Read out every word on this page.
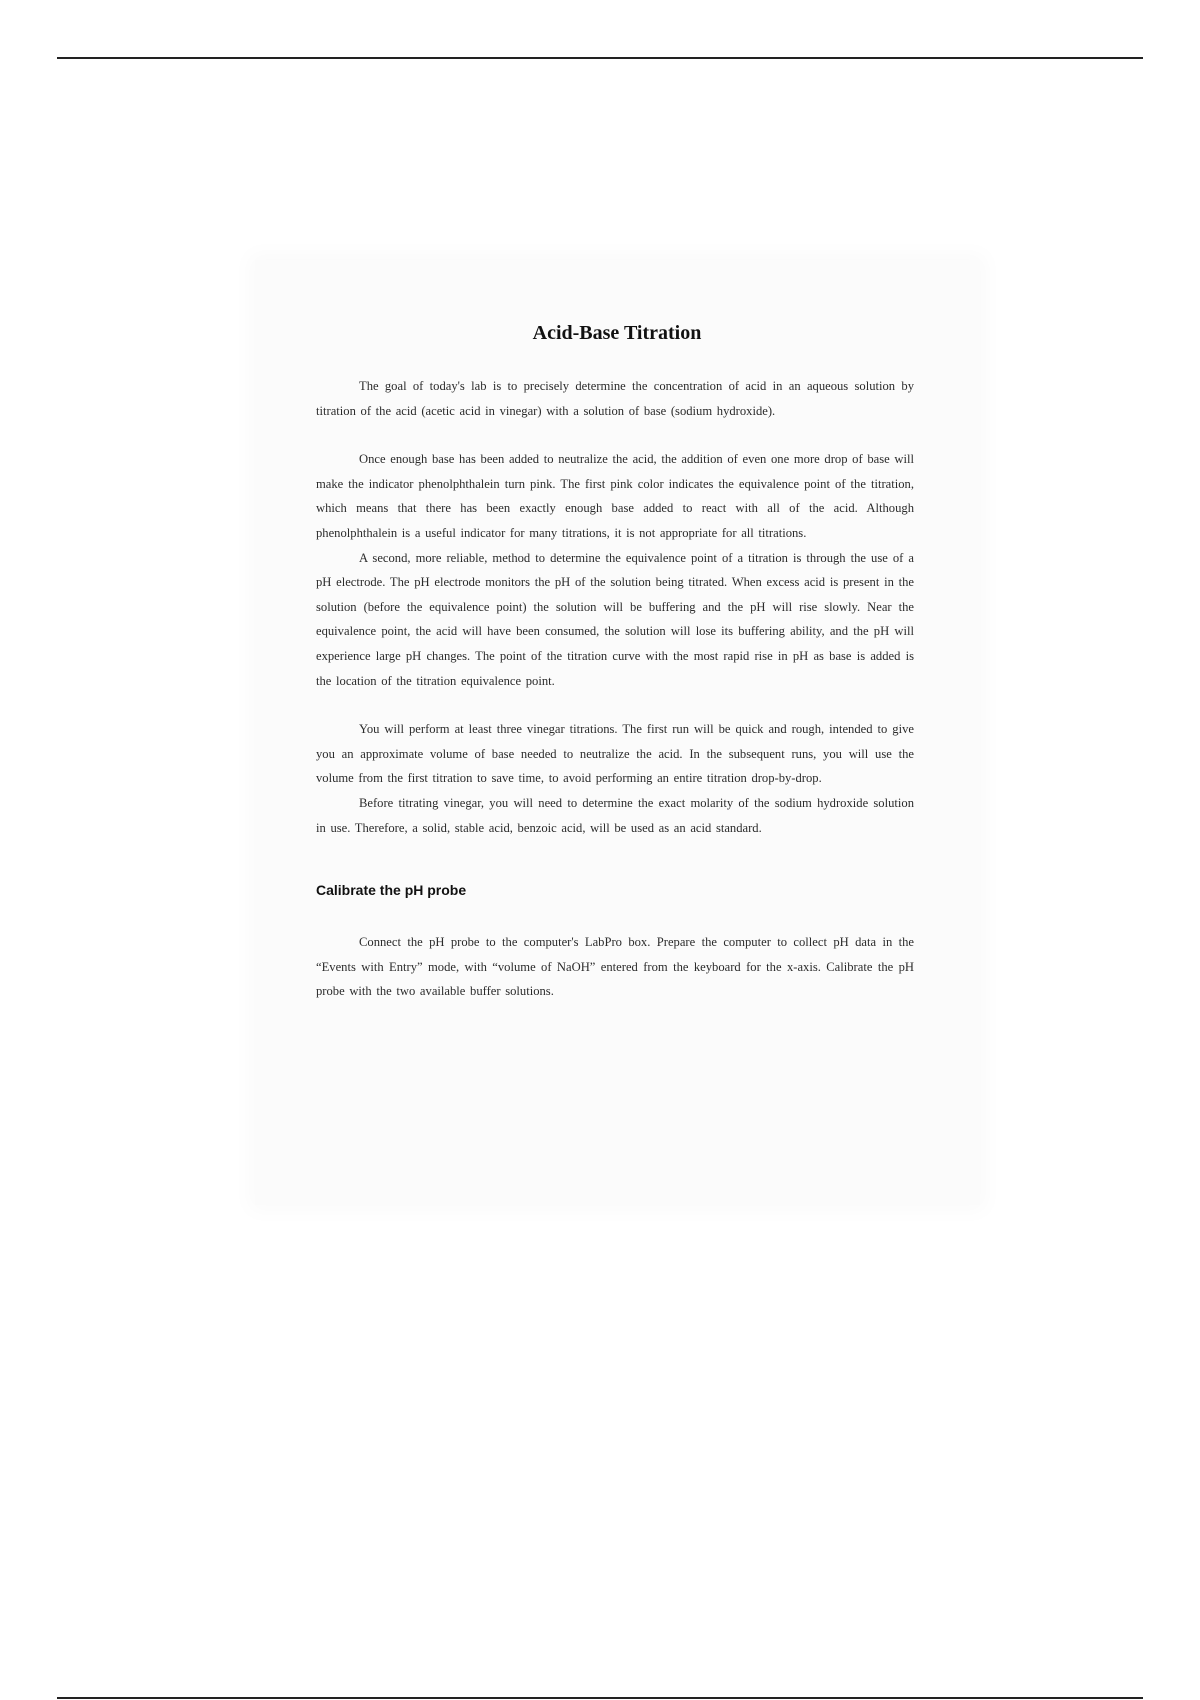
Acid-Base Titration

The goal of today's lab is to precisely determine the concentration of acid in an aqueous solution by titration of the acid (acetic acid in vinegar) with a solution of base (sodium hydroxide).

Once enough base has been added to neutralize the acid, the addition of even one more drop of base will make the indicator phenolphthalein turn pink. The first pink color indicates the equivalence point of the titration, which means that there has been exactly enough base added to react with all of the acid. Although phenolphthalein is a useful indicator for many titrations, it is not appropriate for all titrations.

A second, more reliable, method to determine the equivalence point of a titration is through the use of a pH electrode. The pH electrode monitors the pH of the solution being titrated. When excess acid is present in the solution (before the equivalence point) the solution will be buffering and the pH will rise slowly. Near the equivalence point, the acid will have been consumed, the solution will lose its buffering ability, and the pH will experience large pH changes. The point of the titration curve with the most rapid rise in pH as base is added is the location of the titration equivalence point.

You will perform at least three vinegar titrations. The first run will be quick and rough, intended to give you an approximate volume of base needed to neutralize the acid. In the subsequent runs, you will use the volume from the first titration to save time, to avoid performing an entire titration drop-by-drop.

Before titrating vinegar, you will need to determine the exact molarity of the sodium hydroxide solution in use. Therefore, a solid, stable acid, benzoic acid, will be used as an acid standard.

Calibrate the pH probe

Connect the pH probe to the computer's LabPro box. Prepare the computer to collect pH data in the “Events with Entry” mode, with “volume of NaOH” entered from the keyboard for the x-axis. Calibrate the pH probe with the two available buffer solutions.
